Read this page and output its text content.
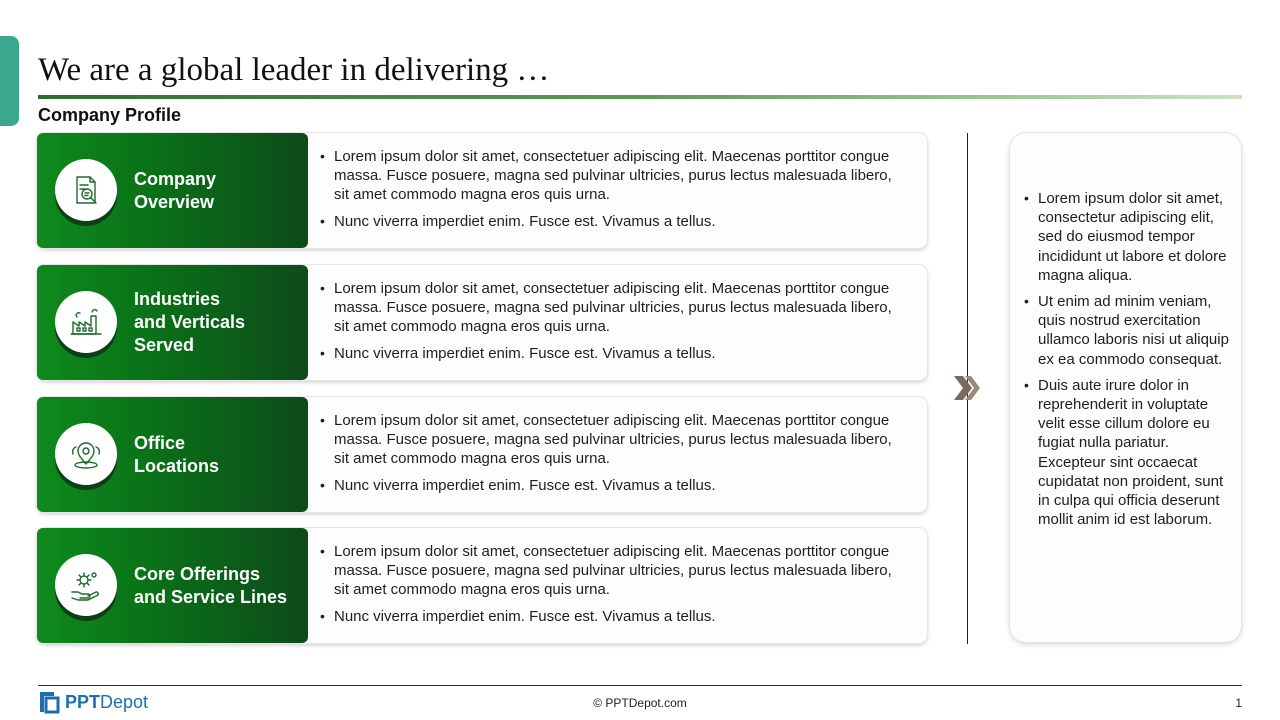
We are a global leader in delivering …
Company Profile
Company
Overview
• Lorem ipsum dolor sit amet, consectetuer adipiscing elit. Maecenas porttitor congue massa. Fusce posuere, magna sed pulvinar ultricies, purus lectus malesuada libero, sit amet commodo magna eros quis urna.
• Nunc viverra imperdiet enim. Fusce est. Vivamus a tellus.
Industries
and Verticals
Served
• Lorem ipsum dolor sit amet, consectetuer adipiscing elit. Maecenas porttitor congue massa. Fusce posuere, magna sed pulvinar ultricies, purus lectus malesuada libero, sit amet commodo magna eros quis urna.
• Nunc viverra imperdiet enim. Fusce est. Vivamus a tellus.
Office
Locations
• Lorem ipsum dolor sit amet, consectetuer adipiscing elit. Maecenas porttitor congue massa. Fusce posuere, magna sed pulvinar ultricies, purus lectus malesuada libero, sit amet commodo magna eros quis urna.
• Nunc viverra imperdiet enim. Fusce est. Vivamus a tellus.
Core Offerings
and Service Lines
• Lorem ipsum dolor sit amet, consectetuer adipiscing elit. Maecenas porttitor congue massa. Fusce posuere, magna sed pulvinar ultricies, purus lectus malesuada libero, sit amet commodo magna eros quis urna.
• Nunc viverra imperdiet enim. Fusce est. Vivamus a tellus.
• Lorem ipsum dolor sit amet, consectetur adipiscing elit, sed do eiusmod tempor incididunt ut labore et dolore magna aliqua.
• Ut enim ad minim veniam, quis nostrud exercitation ullamco laboris nisi ut aliquip ex ea commodo consequat.
• Duis aute irure dolor in reprehenderit in voluptate velit esse cillum dolore eu fugiat nulla pariatur. Excepteur sint occaecat cupidatat non proident, sunt in culpa qui officia deserunt mollit anim id est laborum.
PPT Depot	© PPTDepot.com	1
